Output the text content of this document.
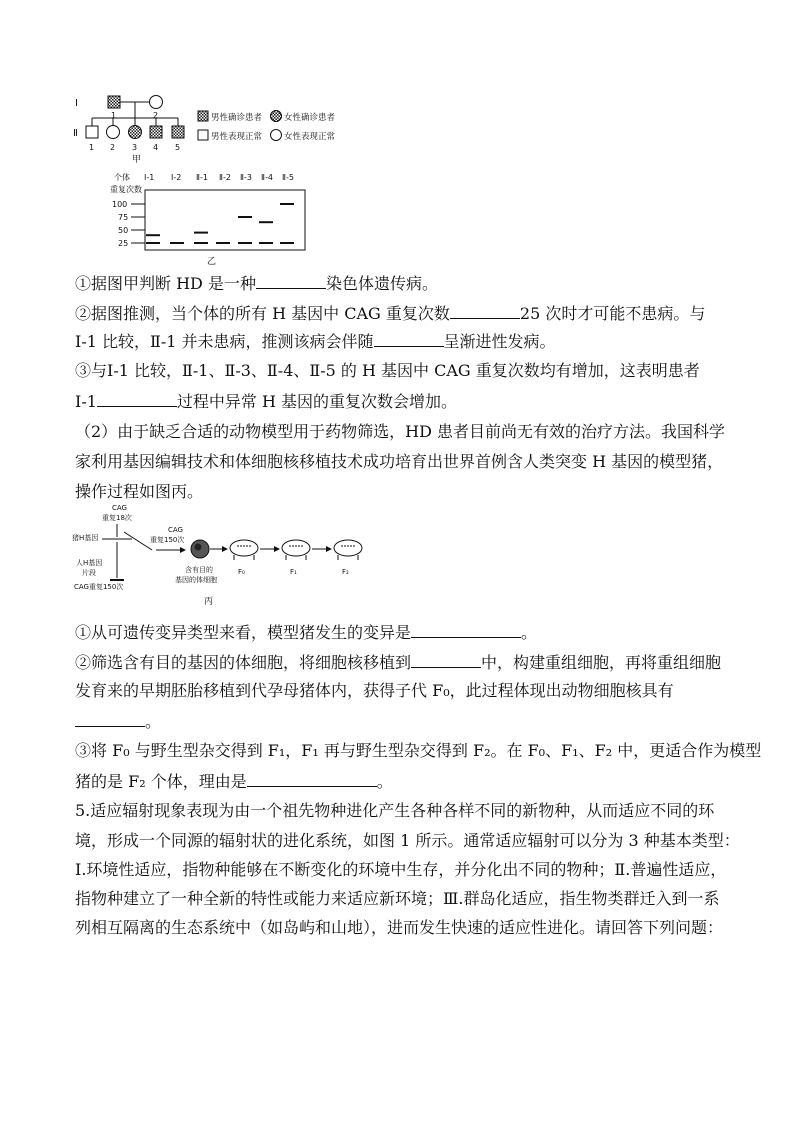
I
Ⅱ
1	2
1 2 3 4 5
甲
男性确诊患者	女性确诊患者
男性表现正常	女性表现正常
个体 Ⅰ-1 Ⅰ-2 Ⅱ-1 Ⅱ-2 Ⅱ-3 Ⅱ-4 Ⅱ-5
重复次数
100
75
50
25
乙
①据图甲判断 HD 是一种	染色体遗传病。
②据图推测，当个体的所有 H 基因中 CAG 重复次数	25 次时才可能不患病。与
Ⅰ-1 比较，Ⅱ-1 并未患病，推测该病会伴随	呈渐进性发病。
③与Ⅰ-1 比较，Ⅱ-1、Ⅱ-3、Ⅱ-4、Ⅱ-5 的 H 基因中 CAG 重复次数均有增加，这表明患者
Ⅰ-1	过程中异常 H 基因的重复次数会增加。
（2）由于缺乏合适的动物模型用于药物筛选，HD 患者目前尚无有效的治疗方法。我国科学
家利用基因编辑技术和体细胞核移植技术成功培育出世界首例含人类突变 H 基因的模型猪，
操作过程如图丙。
CAG
重复18次
CAG
重复150次
猪H基因
人H基因
片段
CAG重复150次
含有目的
基因的体细胞
F₀	F₁	F₂
丙
①从可遗传变异类型来看，模型猪发生的变异是	。
②筛选含有目的基因的体细胞，将细胞核移植到	中，构建重组细胞，再将重组细胞
发育来的早期胚胎移植到代孕母猪体内，获得子代 F₀，此过程体现出动物细胞核具有
。
③将 F₀ 与野生型杂交得到 F₁，F₁ 再与野生型杂交得到 F₂。在 F₀、F₁、F₂ 中，更适合作为模型
猪的是 F₂ 个体，理由是	。
5.适应辐射现象表现为由一个祖先物种进化产生各种各样不同的新物种，从而适应不同的环
境，形成一个同源的辐射状的进化系统，如图 1 所示。通常适应辐射可以分为 3 种基本类型：
Ⅰ.环境性适应，指物种能够在不断变化的环境中生存，并分化出不同的物种；Ⅱ.普遍性适应，
指物种建立了一种全新的特性或能力来适应新环境；Ⅲ.群岛化适应，指生物类群迁入到一系
列相互隔离的生态系统中（如岛屿和山地），进而发生快速的适应性进化。请回答下列问题：
